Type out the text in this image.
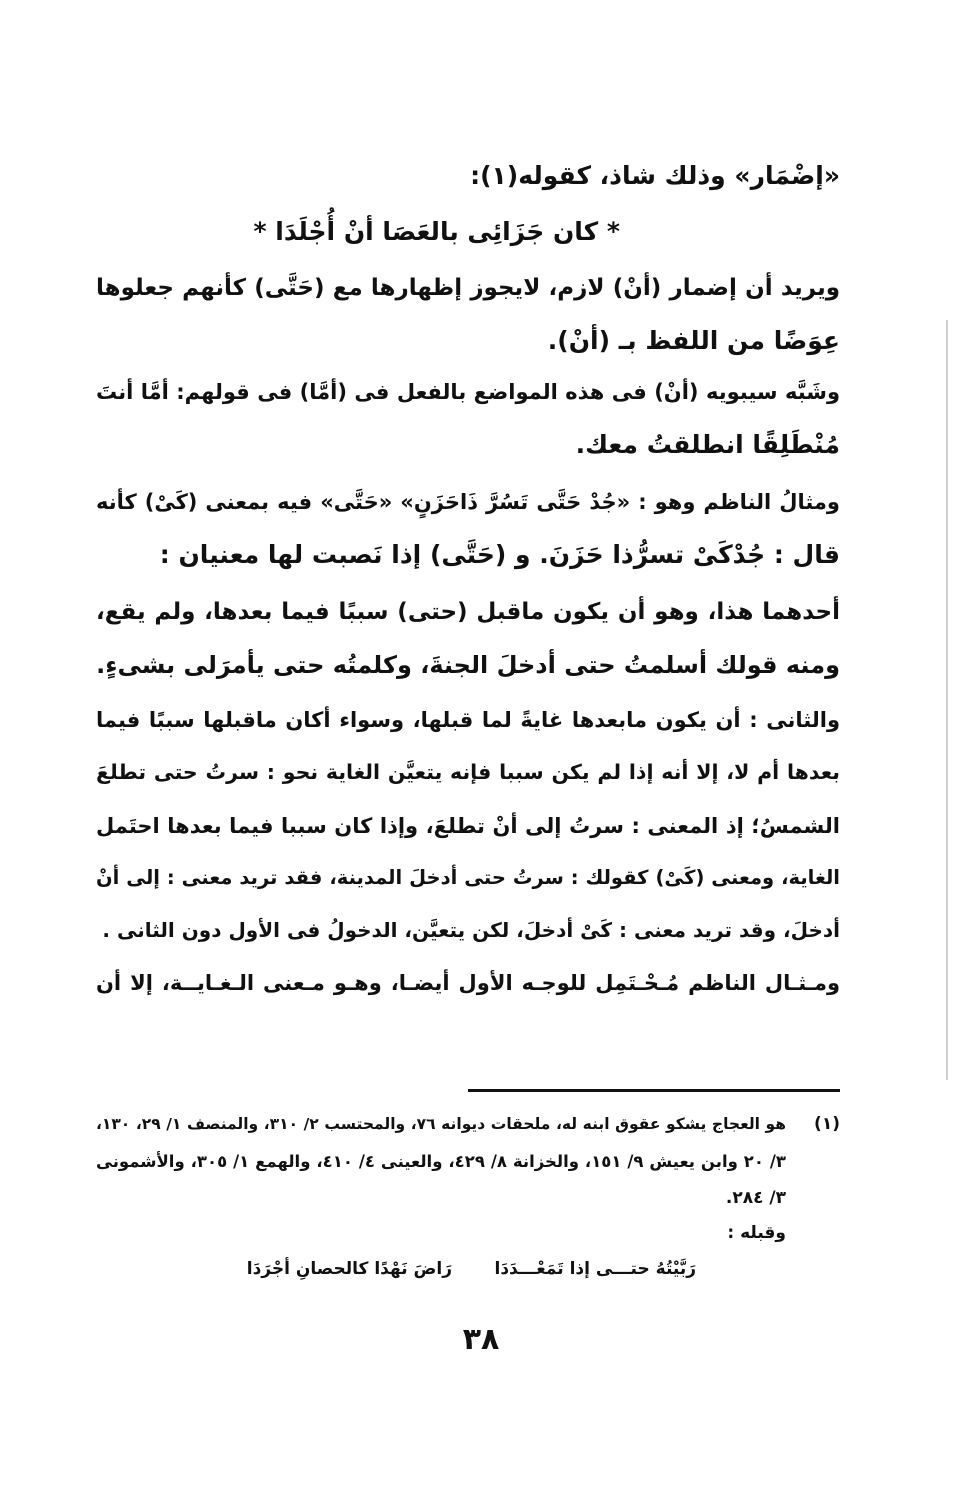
«إضْمَار» وذلك شاذ، كقوله(١):
* كان جَزَائِى بالعَصَا أنْ أُجْلَدَا *
ويريد أن إضمار (أنْ) لازم، لايجوز إظهارها مع (حَتَّى) كأنهم جعلوها
عِوَضًا من اللفظ بـ (أنْ).
وشَبَّه سيبويه (أنْ) فى هذه المواضع بالفعل فى (أمَّا) فى قولهم: أمَّا أنتَ
مُنْطَلِقًا انطلقتُ معك.
ومثالُ الناظم وهو : «جُدْ حَتَّى تَسُرَّ ذَاحَزَنٍ» «حَتَّى» فيه بمعنى (كَىْ) كأنه
قال : جُدْكَىْ تسرُّذا حَزَنَ. و (حَتَّى) إذا نَصبت لها معنيان :
أحدهما هذا، وهو أن يكون ماقبل (حتى) سببًا فيما بعدها، ولم يقع،
ومنه قولك أسلمتُ حتى أدخلَ الجنةَ، وكلمتُه حتى يأمرَلى بشىءٍ.
والثانى : أن يكون مابعدها غايةً لما قبلها، وسواء أكان ماقبلها سببًا فيما
بعدها أم لا، إلا أنه إذا لم يكن سببا فإنه يتعيَّن الغاية نحو : سرتُ حتى تطلعَ
الشمسُ؛ إذ المعنى : سرتُ إلى أنْ تطلعَ، وإذا كان سببا فيما بعدها احتَمل
الغاية، ومعنى (كَىْ) كقولك : سرتُ حتى أدخلَ المدينة، فقد تريد معنى : إلى أنْ
أدخلَ، وقد تريد معنى : كَىْ أدخلَ، لكن يتعيَّن، الدخولُ فى الأول دون الثانى .
ومـثـال الناظم مُـحْـتَمِل للوجـه الأول أيضـا، وهـو مـعنى الـغـايــة، إلا أن
(١)
هو العجاج يشكو عقوق ابنه له، ملحقات ديوانه ٧٦، والمحتسب ٢/ ٣١٠، والمنصف ١/ ٢٩، ١٣٠،
٣/ ٢٠ وابن يعيش ٩/ ١٥١، والخزانة ٨/ ٤٢٩، والعينى ٤/ ٤١٠، والهمع ١/ ٣٠٥، والأشمونى
٣/ ٢٨٤.
وقبله :
رَبَّيْتُهُ حتـــى إذا تَمَعْـــدَدَا
رَاضَ نَهْدًا كالحصانِ أجْرَدَا
٣٨
